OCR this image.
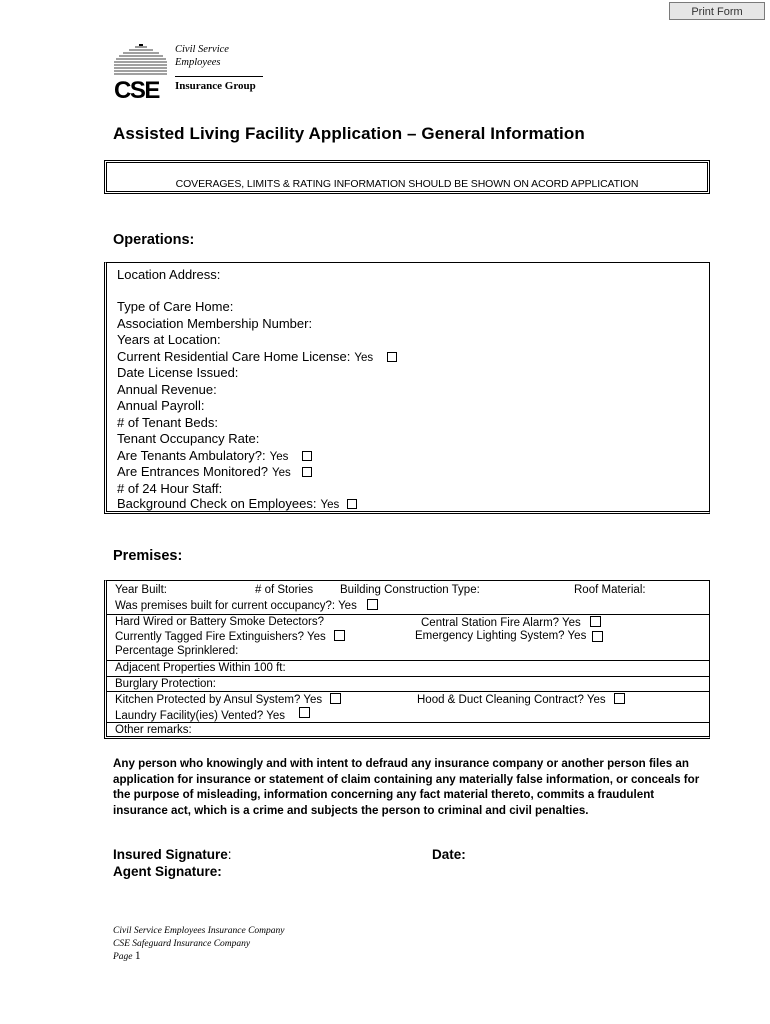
Print Form
CSE
Civil Service
Employees
Insurance Group
Assisted Living Facility Application – General Information
COVERAGES, LIMITS & RATING INFORMATION SHOULD BE SHOWN ON ACORD APPLICATION
Operations:
Location Address:
Type of Care Home:
Association Membership Number:
Years at Location:
Current Residential Care Home License: Yes
Date License Issued:
Annual Revenue:
Annual Payroll:
# of Tenant Beds:
Tenant Occupancy Rate:
Are Tenants Ambulatory?: Yes
Are Entrances Monitored? Yes
# of 24 Hour Staff:
Background Check on Employees: Yes
Premises:
Year Built:	# of Stories Building Construction Type:	Roof Material:
Was premises built for current occupancy?: Yes
Hard Wired or Battery Smoke Detectors?	Central Station Fire Alarm? Yes
Currently Tagged Fire Extinguishers? Yes	Emergency Lighting System? Yes
Percentage Sprinklered:
Adjacent Properties Within 100 ft:
Burglary Protection:
Kitchen Protected by Ansul System? Yes	Hood & Duct Cleaning Contract? Yes
Laundry Facility(ies) Vented? Yes
Other remarks:
Any person who knowingly and with intent to defraud any insurance company or another person files an application for insurance or statement of claim containing any materially false information, or conceals for the purpose of misleading, information concerning any fact material thereto, commits a fraudulent insurance act, which is a crime and subjects the person to criminal and civil penalties.
Insured Signature:	Date:
Agent Signature:
Civil Service Employees Insurance Company
CSE Safeguard Insurance Company
Page 1
